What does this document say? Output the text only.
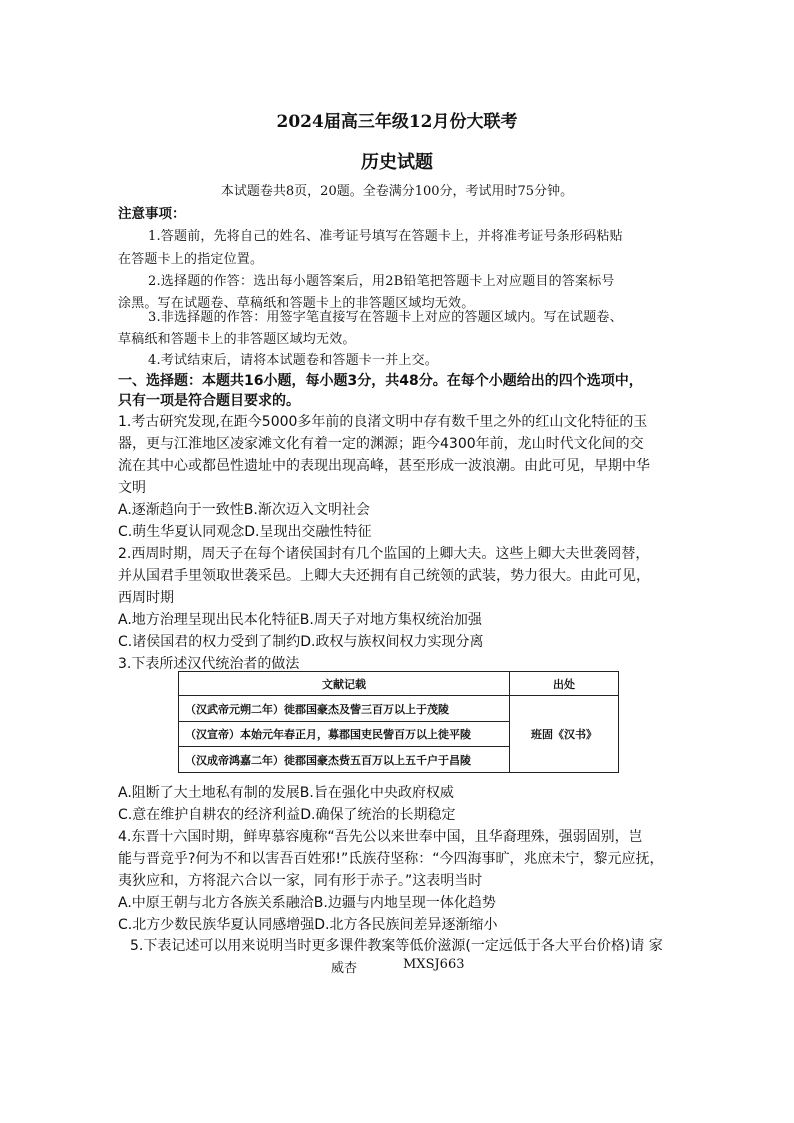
2024届高三年级12月份大联考
历史试题
本试题卷共8页，20题。全卷满分100分，考试用时75分钟。
注意事项：
1.答题前，先将自己的姓名、准考证号填写在答题卡上，并将准考证号条形码粘贴
在答题卡上的指定位置。
2.选择题的作答：选出每小题答案后，用2B铅笔把答题卡上对应题目的答案标号
涂黑。写在试题卷、草稿纸和答题卡上的非答题区域均无效。
3.非选择题的作答：用签字笔直接写在答题卡上对应的答题区域内。写在试题卷、
草稿纸和答题卡上的非答题区域均无效。
4.考试结束后，请将本试题卷和答题卡一并上交。
一、选择题：本题共16小题，每小题3分，共48分。在每个小题给出的四个选项中，
只有一项是符合题目要求的。
1.考古研究发现,在距今5000多年前的良渚文明中存有数千里之外的红山文化特征的玉
器，更与江淮地区凌家滩文化有着一定的渊源；距今4300年前，龙山时代文化间的交
流在其中心或都邑性遗址中的表现出现高峰，甚至形成一波浪潮。由此可见，早期中华
文明
A.逐渐趋向于一致性B.渐次迈入文明社会
C.萌生华夏认同观念D.呈现出交融性特征
2.西周时期，周天子在每个诸侯国封有几个监国的上卿大夫。这些上卿大夫世袭罔替，
并从国君手里领取世袭采邑。上卿大夫还拥有自己统领的武装，势力很大。由此可见，
西周时期
A.地方治理呈现出民本化特征B.周天子对地方集权统治加强
C.诸侯国君的权力受到了制约D.政权与族权间权力实现分离
3.下表所述汉代统治者的做法
文献记载	出处
（汉武帝元朔二年）徙郡国豪杰及訾三百万以上于茂陵	班固《汉书》
（汉宣帝）本始元年春正月，募郡国吏民訾百万以上徙平陵	
（汉成帝鸿嘉二年）徙郡国豪杰赀五百万以上五千户于昌陵	
A.阻断了大土地私有制的发展B.旨在强化中央政府权威
C.意在维护自耕农的经济利益D.确保了统治的长期稳定
4.东晋十六国时期，鲜卑慕容廆称“吾先公以来世奉中国，且华裔理殊，强弱固别，岂
能与晋竞乎?何为不和以害吾百姓邪!”氐族苻坚称：“今四海事旷，兆庶未宁，黎元应抚，
夷狄应和，方将混六合以一家，同有形于赤子。”这表明当时
A.中原王朝与北方各族关系融洽B.边疆与内地呈现一体化趋势
C.北方少数民族华夏认同感增强D.北方各民族间差异逐渐缩小
5.下表记述可以用来说明当时更多课件教案等低价滋源(一定远低于各大平台价格)请 家
威杏	MXSJ663
